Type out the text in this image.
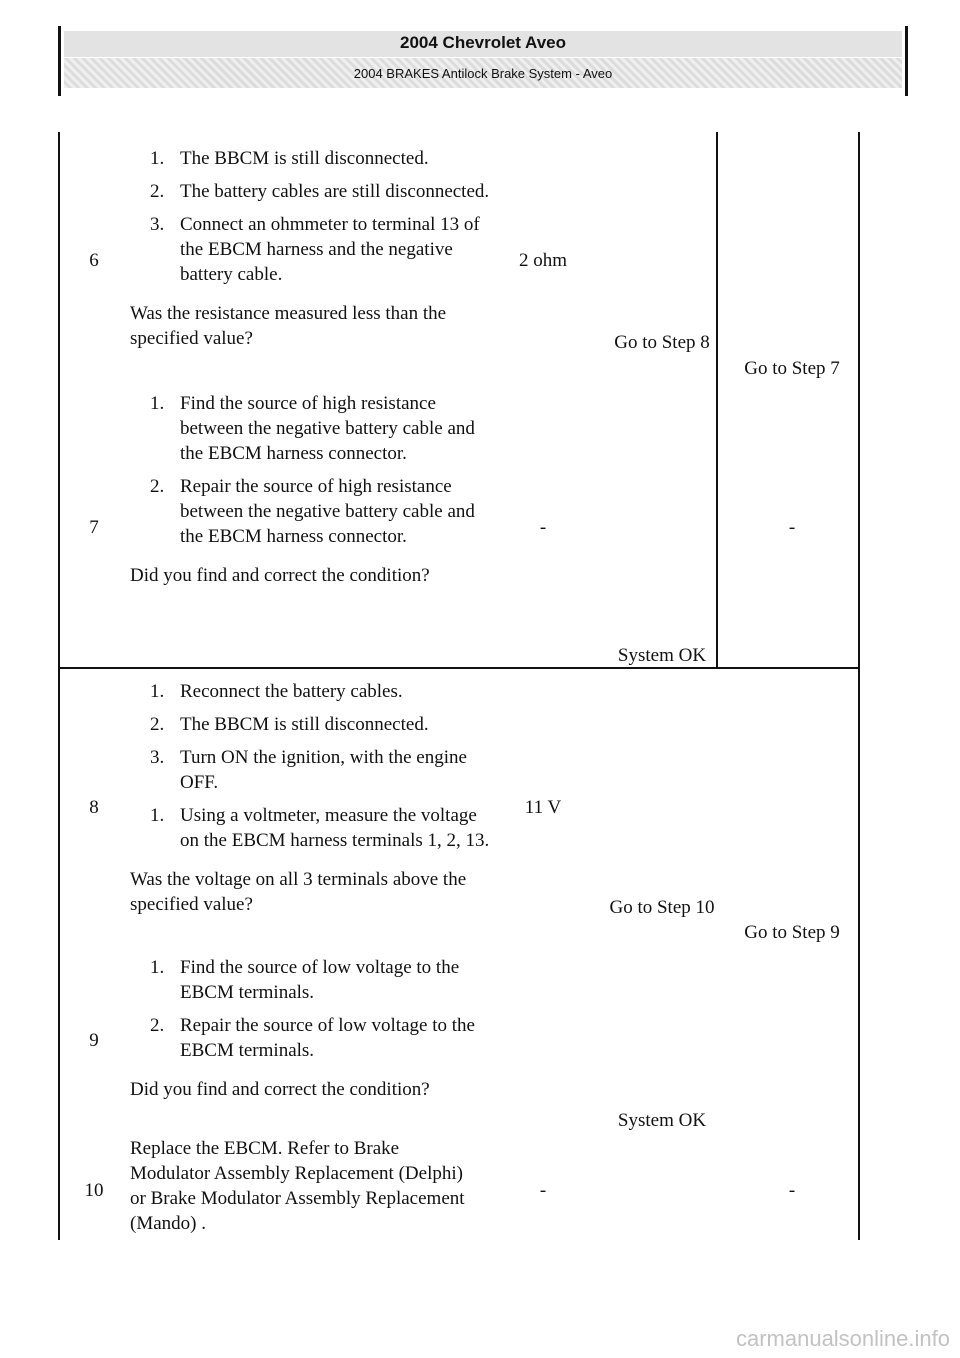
2004 Chevrolet Aveo
2004 BRAKES Antilock Brake System - Aveo
6
1. The BBCM is still disconnected.
2. The battery cables are still disconnected.
3. Connect an ohmmeter to terminal 13 of the EBCM harness and the negative battery cable.
Was the resistance measured less than the specified value?
2 ohm
Go to Step 8
Go to Step 7
7
1. Find the source of high resistance between the negative battery cable and the EBCM harness connector.
2. Repair the source of high resistance between the negative battery cable and the EBCM harness connector.
Did you find and correct the condition?
-
System OK
-
8
1. Reconnect the battery cables.
2. The BBCM is still disconnected.
3. Turn ON the ignition, with the engine OFF.
1. Using a voltmeter, measure the voltage on the EBCM harness terminals 1, 2, 13.
Was the voltage on all 3 terminals above the specified value?
11 V
Go to Step 10
Go to Step 9
9
1. Find the source of low voltage to the EBCM terminals.
2. Repair the source of low voltage to the EBCM terminals.
Did you find and correct the condition?
System OK
10
Replace the EBCM. Refer to Brake Modulator Assembly Replacement (Delphi) or Brake Modulator Assembly Replacement (Mando) .
-	-
carmanualsonline.info
